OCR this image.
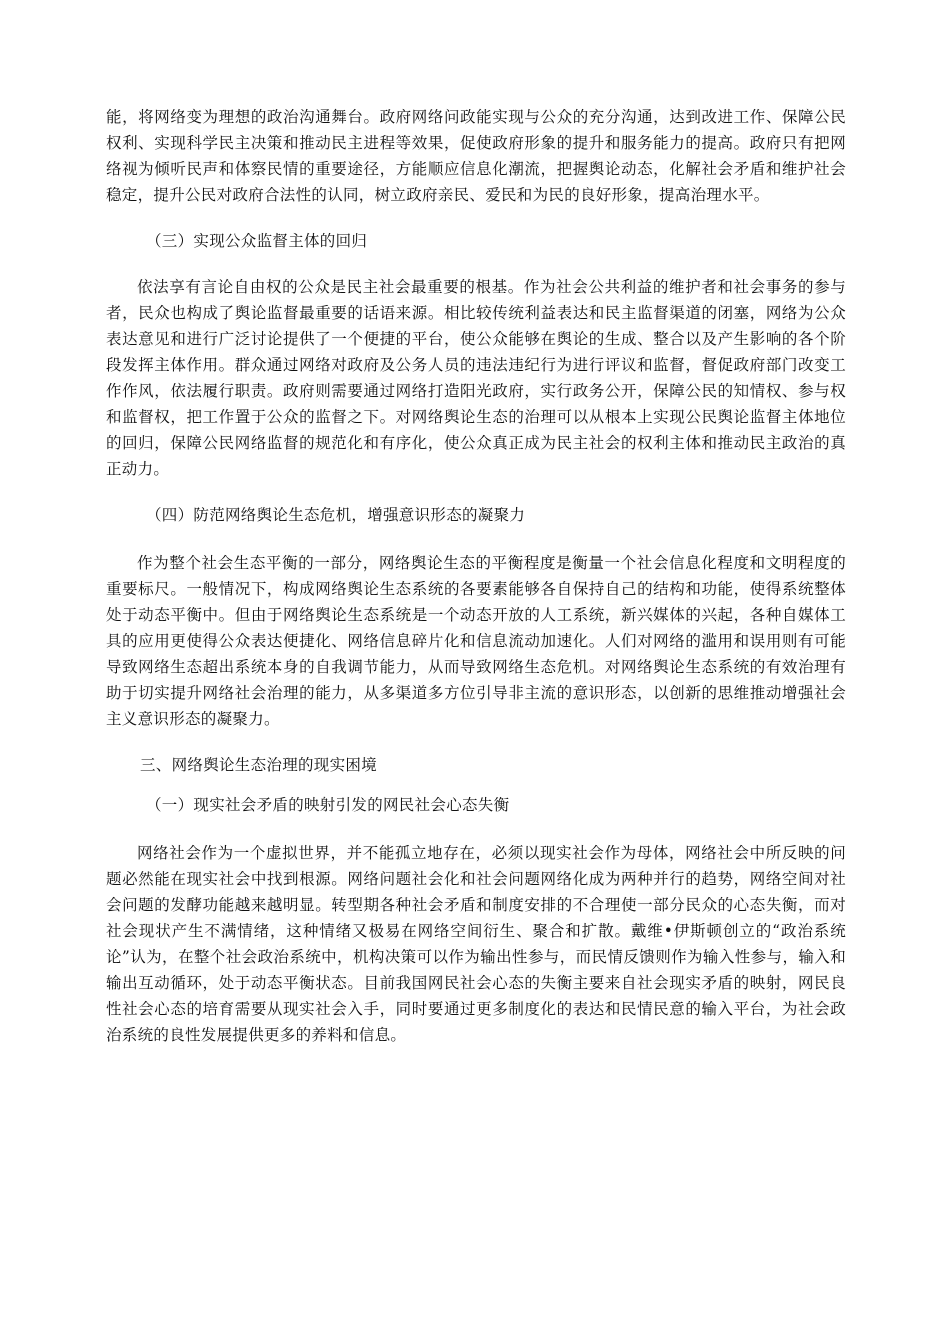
能，将网络变为理想的政治沟通舞台。政府网络问政能实现与公众的充分沟通，达到改进工作、保障公民权利、实现科学民主决策和推动民主进程等效果，促使政府形象的提升和服务能力的提高。政府只有把网络视为倾听民声和体察民情的重要途径，方能顺应信息化潮流，把握舆论动态，化解社会矛盾和维护社会稳定，提升公民对政府合法性的认同，树立政府亲民、爱民和为民的良好形象，提高治理水平。

（三）实现公众监督主体的回归

依法享有言论自由权的公众是民主社会最重要的根基。作为社会公共利益的维护者和社会事务的参与者，民众也构成了舆论监督最重要的话语来源。相比较传统利益表达和民主监督渠道的闭塞，网络为公众表达意见和进行广泛讨论提供了一个便捷的平台，使公众能够在舆论的生成、整合以及产生影响的各个阶段发挥主体作用。群众通过网络对政府及公务人员的违法违纪行为进行评议和监督，督促政府部门改变工作作风，依法履行职责。政府则需要通过网络打造阳光政府，实行政务公开，保障公民的知情权、参与权和监督权，把工作置于公众的监督之下。对网络舆论生态的治理可以从根本上实现公民舆论监督主体地位的回归，保障公民网络监督的规范化和有序化，使公众真正成为民主社会的权利主体和推动民主政治的真正动力。

（四）防范网络舆论生态危机，增强意识形态的凝聚力

作为整个社会生态平衡的一部分，网络舆论生态的平衡程度是衡量一个社会信息化程度和文明程度的重要标尺。一般情况下，构成网络舆论生态系统的各要素能够各自保持自己的结构和功能，使得系统整体处于动态平衡中。但由于网络舆论生态系统是一个动态开放的人工系统，新兴媒体的兴起，各种自媒体工具的应用更使得公众表达便捷化、网络信息碎片化和信息流动加速化。人们对网络的滥用和误用则有可能导致网络生态超出系统本身的自我调节能力，从而导致网络生态危机。对网络舆论生态系统的有效治理有助于切实提升网络社会治理的能力，从多渠道多方位引导非主流的意识形态，以创新的思维推动增强社会主义意识形态的凝聚力。

三、网络舆论生态治理的现实困境

（一）现实社会矛盾的映射引发的网民社会心态失衡

网络社会作为一个虚拟世界，并不能孤立地存在，必须以现实社会作为母体，网络社会中所反映的问题必然能在现实社会中找到根源。网络问题社会化和社会问题网络化成为两种并行的趋势，网络空间对社会问题的发酵功能越来越明显。转型期各种社会矛盾和制度安排的不合理使一部分民众的心态失衡，而对社会现状产生不满情绪，这种情绪又极易在网络空间衍生、聚合和扩散。戴维•伊斯顿创立的“政治系统论”认为，在整个社会政治系统中，机构决策可以作为输出性参与，而民情反馈则作为输入性参与，输入和输出互动循环，处于动态平衡状态。目前我国网民社会心态的失衡主要来自社会现实矛盾的映射，网民良性社会心态的培育需要从现实社会入手，同时要通过更多制度化的表达和民情民意的输入平台，为社会政治系统的良性发展提供更多的养料和信息。
